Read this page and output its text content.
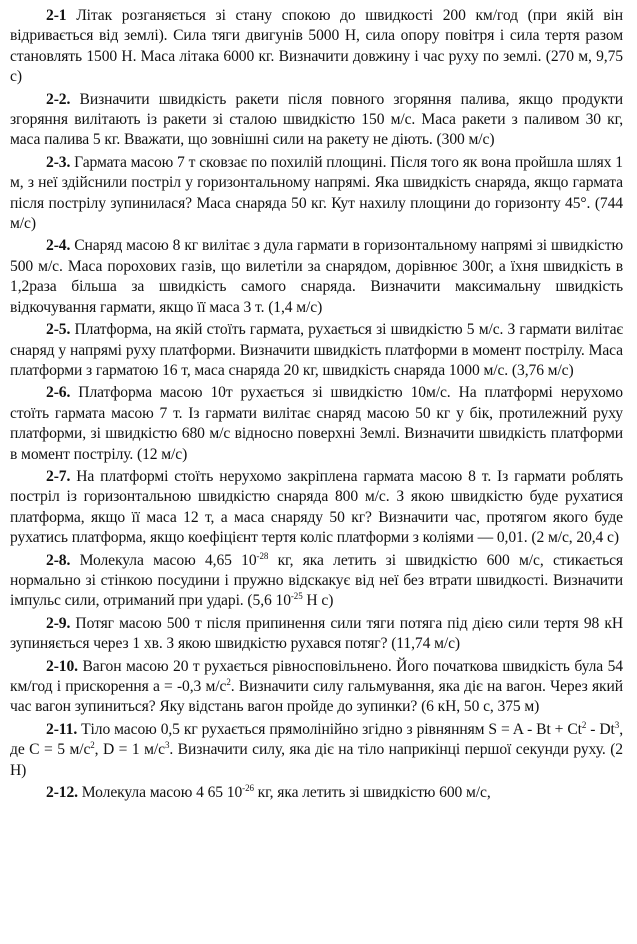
2-1 Літак розганяється зі стану спокою до швидкості 200 км/год (при якій він відривається від землі). Сила тяги двигунів 5000 Н, сила опору повітря і сила тертя разом становлять 1500 Н. Маса літака 6000 кг. Визначити довжину і час руху по землі. (270 м, 9,75 с)

2-2. Визначити швидкість ракети після повного згоряння палива, якщо продукти згоряння вилітають із ракети зі сталою швидкістю 150 м/с. Маса ракети з паливом 30 кг, маса палива 5 кг. Вважати, що зовнішні сили на ракету не діють. (300 м/с)

2-3. Гармата масою 7 т сковзає по похилій площині. Після того як вона пройшла шлях 1 м, з неї здійснили постріл у горизонтальному напрямі. Яка швидкість снаряда, якщо гармата після пострілу зупинилася? Маса снаряда 50 кг. Кут нахилу площини до горизонту 45°. (744 м/с)

2-4. Снаряд масою 8 кг вилітає з дула гармати в горизонтальному напрямі зі швидкістю 500 м/с. Маса порохових газів, що вилетіли за снарядом, дорівнює 300г, а їхня швидкість в 1,2раза більша за швидкість самого снаряда. Визначити максимальну швидкість відкочування гармати, якщо її маса 3 т. (1,4 м/с)

2-5. Платформа, на якій стоїть гармата, рухається зі швидкістю 5 м/с. З гармати вилітає снаряд у напрямі руху платформи. Визначити швидкість платформи в момент пострілу. Маса платформи з гарматою 16 т, маса снаряда 20 кг, швидкість снаряда 1000 м/с. (3,76 м/с)

2-6. Платформа масою 10т рухається зі швидкістю 10м/с. На платформі нерухомо стоїть гармата масою 7 т. Із гармати вилітає снаряд масою 50 кг у бік, протилежний руху платформи, зі швидкістю 680 м/с відносно поверхні Землі. Визначити швидкість платформи в момент пострілу. (12 м/с)

2-7. На платформі стоїть нерухомо закріплена гармата масою 8 т. Із гармати роблять постріл із горизонтальною швидкістю снаряда 800 м/с. З якою швидкістю буде рухатися платформа, якщо її маса 12 т, а маса снаряду 50 кг? Визначити час, протягом якого буде рухатись платформа, якщо коефіцієнт тертя коліс платформи з коліями — 0,01. (2 м/с, 20,4 с)

2-8. Молекула масою 4,65 $10^{-28}$ кг, яка летить зі швидкістю 600 м/с, стикається нормально зі стінкою посудини і пружно відскакує від неї без втрати швидкості. Визначити імпульс сили, отриманий при ударі. (5,6 $10^{-25}$ Н с)

2-9. Потяг масою 500 т після припинення сили тяги потяга під дією сили тертя 98 кН зупиняється через 1 хв. З якою швидкістю рухався потяг? (11,74 м/с)

2-10. Вагон масою 20 т рухається рівносповільнено. Його початкова швидкість була 54 км/год і прискорення a = -0,3 $м/с^2$. Визначити силу гальмування, яка діє на вагон. Через який час вагон зупиниться? Яку відстань вагон пройде до зупинки? (6 кН, 50 с, 375 м)

2-11. Тіло масою 0,5 кг рухається прямолінійно згідно з рівнянням $S = A - Bt + Ct^2 - Dt^3$, де C = 5 $м/с^2$, D = 1 $м/с^3$. Визначити силу, яка діє на тіло наприкінці першої секунди руху. (2 Н)

2-12. Молекула масою 4 65 $10^{-26}$ кг, яка летить зі швидкістю 600 м/с,
